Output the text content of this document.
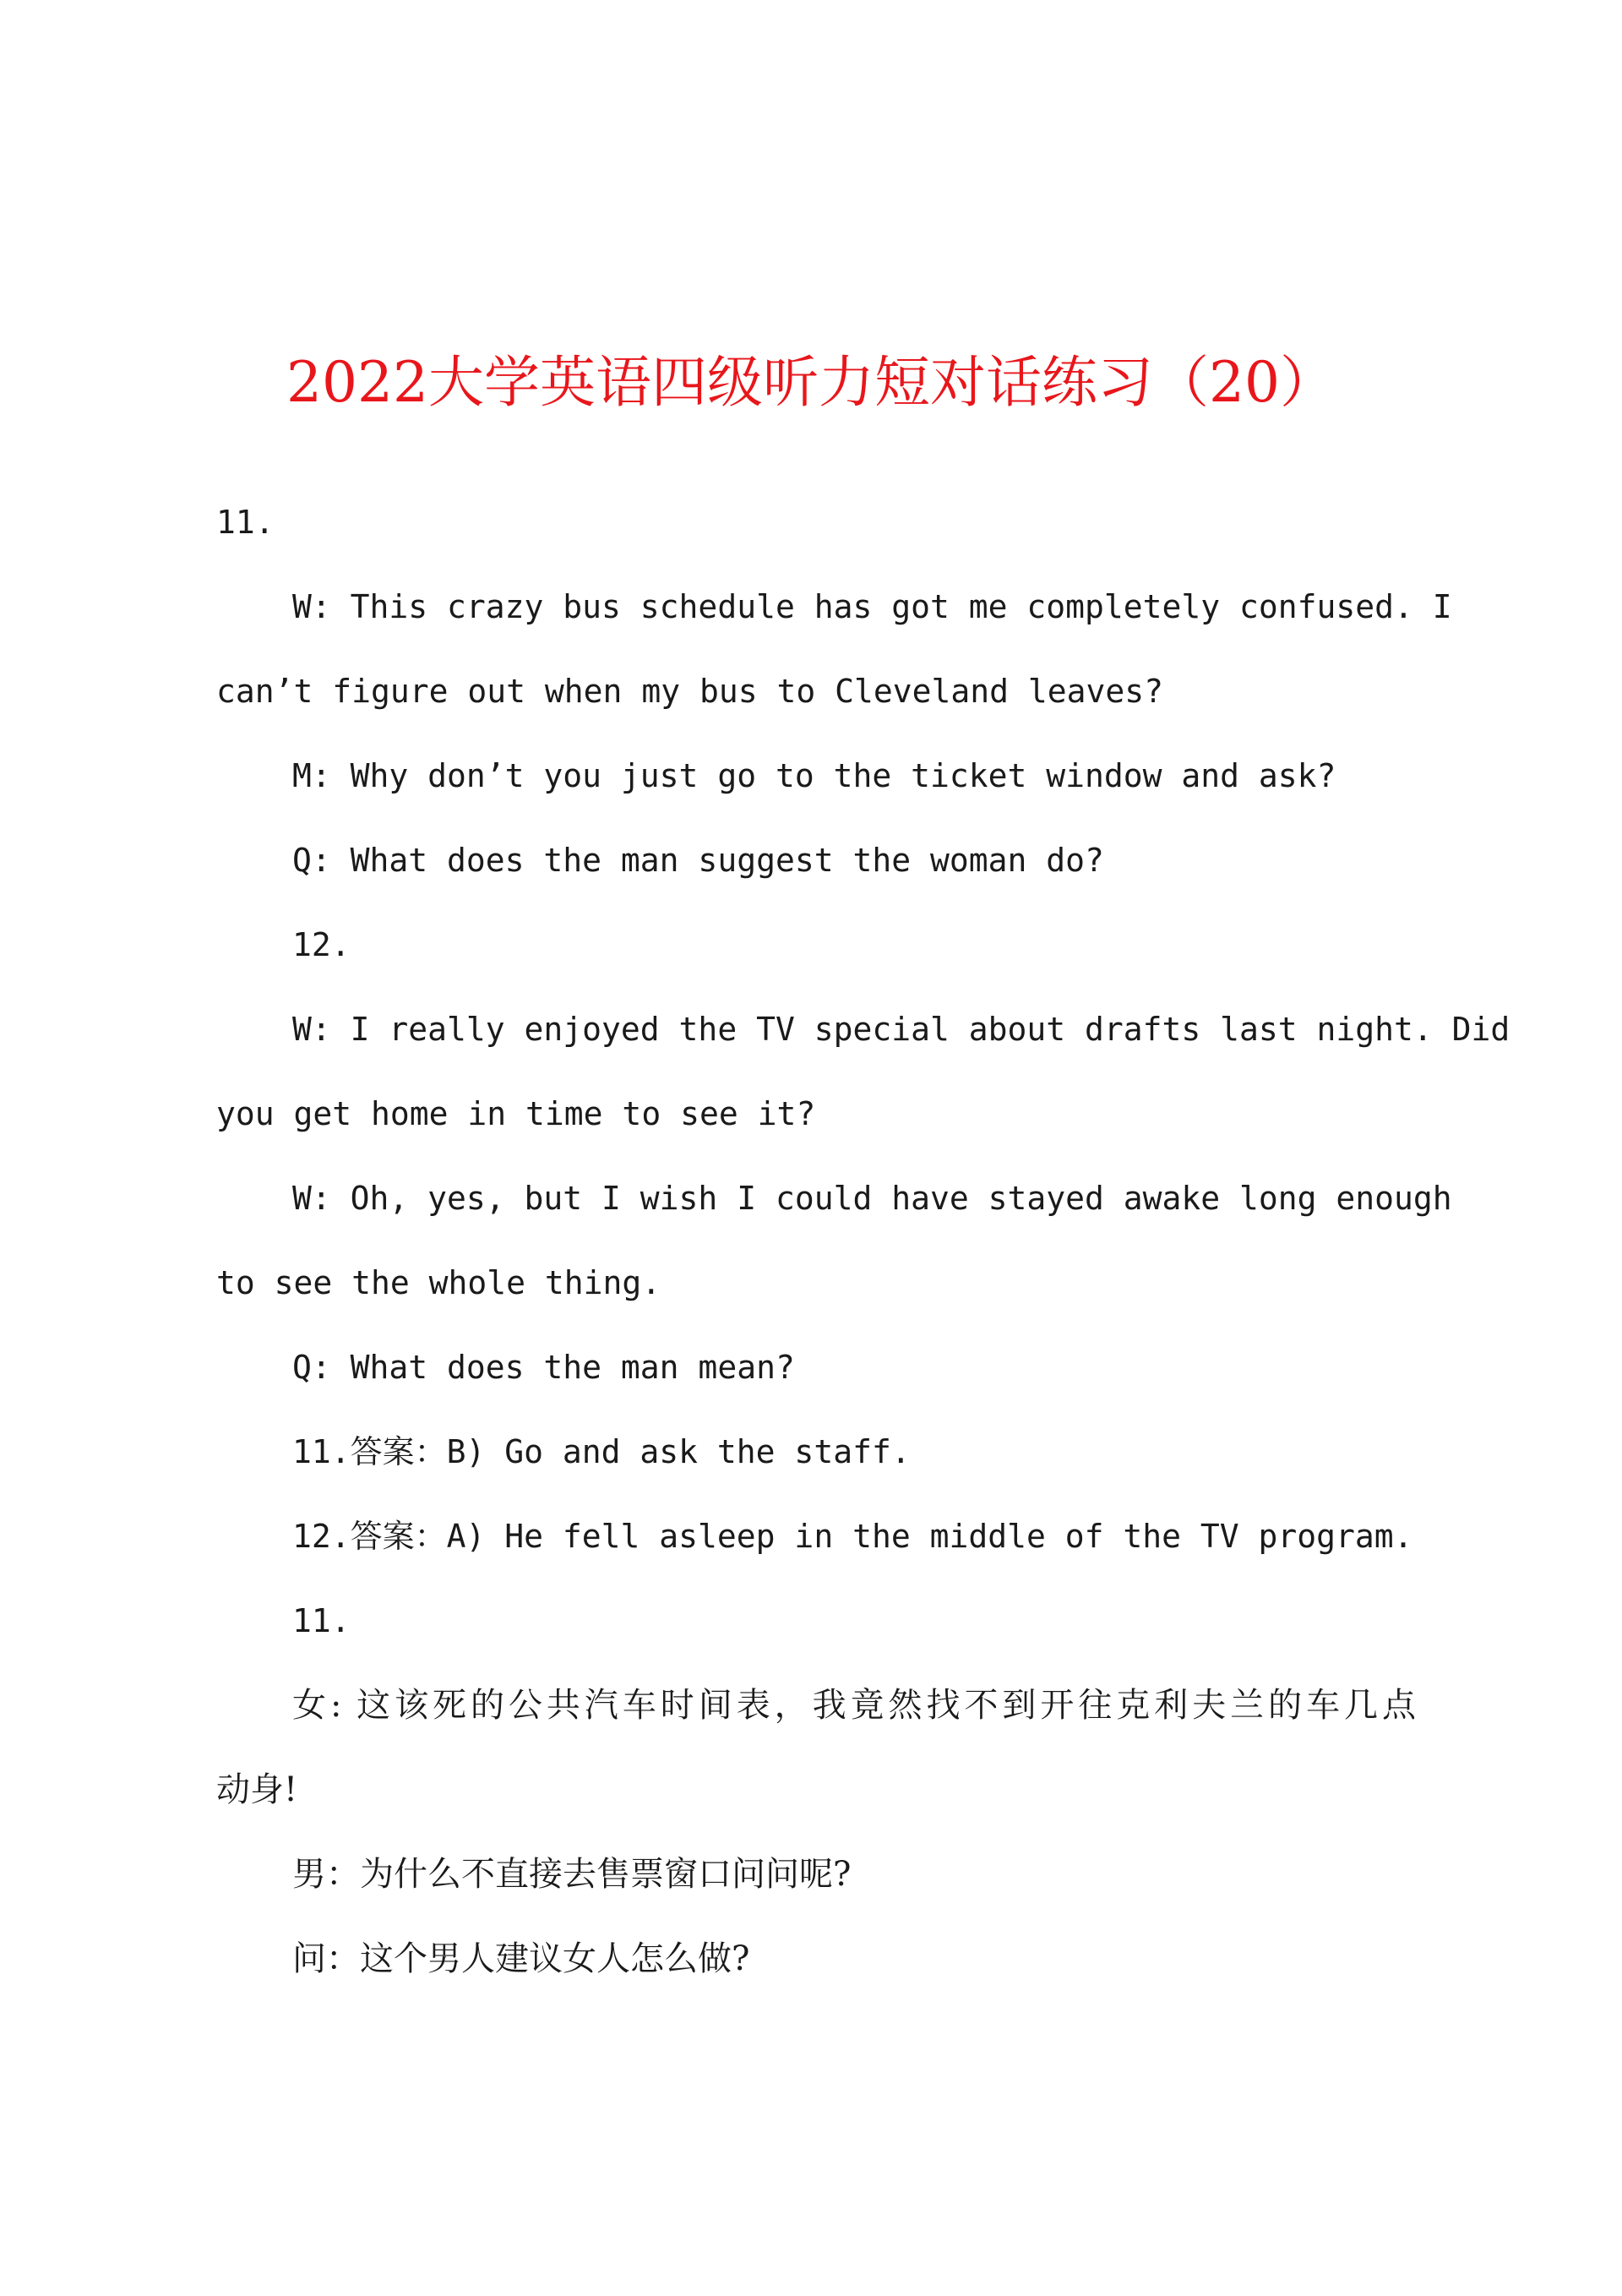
2022大学英语四级听力短对话练习（20）
11.
W: This crazy bus schedule has got me completely confused. I
can’t figure out when my bus to Cleveland leaves?
M: Why don’t you just go to the ticket window and ask?
Q: What does the man suggest the woman do?
12.
W: I really enjoyed the TV special about drafts last night. Did
you get home in time to see it?
W: Oh, yes, but I wish I could have stayed awake long enough
to see the whole thing.
Q: What does the man mean?
11.答案：B) Go and ask the staff.
12.答案：A) He fell asleep in the middle of the TV program.
11.
女: 这该死的公共汽车时间表，我竟然找不到开往克利夫兰的车几点
动身!
男：为什么不直接去售票窗口问问呢?
问：这个男人建议女人怎么做?
